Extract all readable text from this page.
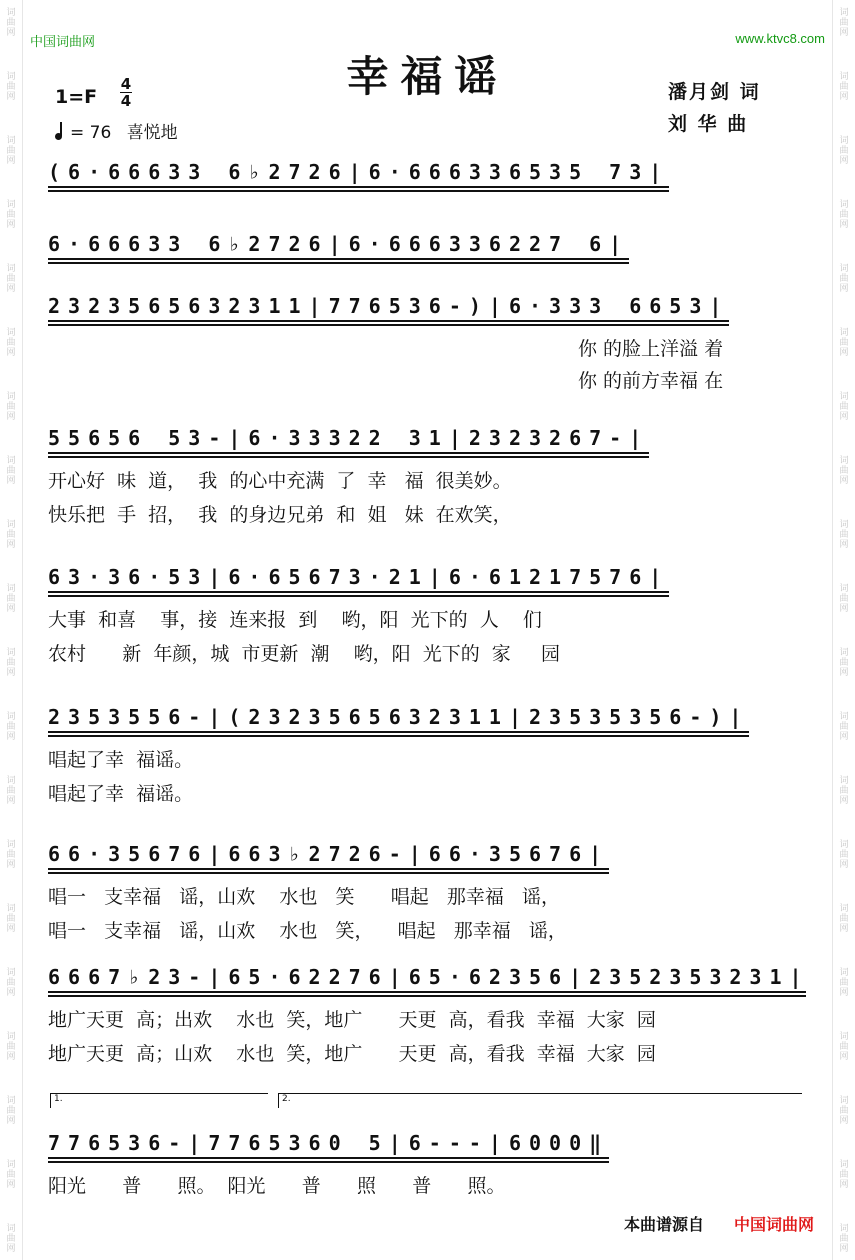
词
曲
网
词
曲
网
词
曲
网
词
曲
网
词
曲
网
词
曲
网
词
曲
网
词
曲
网
词
曲
网
词
曲
网
词
曲
网
词
曲
网
词
曲
网
词
曲
网
词
曲
网
词
曲
网
词
曲
网
词
曲
网
词
曲
网
词
曲
网
词
曲
网
词
曲
网
词
曲
网
词
曲
网
词
曲
网
词
曲
网
词
曲
网
词
曲
网
词
曲
网
词
曲
网
词
曲
网
词
曲
网
词
曲
网
词
曲
网
词
曲
网
词
曲
网
词
曲
网
词
曲
网
词
曲
网
词
曲
网
中国词曲网	www.ktvc8.com
幸福谣
1=F
4
4	潘月剑 词
刘 华 曲
= 76 喜悦地
(6·66633 6♭2726|6·666336535 73|
6·66633 6♭2726|6·666336227 6|
2323565632311|776536-)|6·333 6653|
你 的脸上洋溢 着
你 的前方幸福 在
55656 53-|6·33322 31|2323267-|
开心好  味  道，  我  的心中充满  了  幸   福  很美妙。
快乐把  手  招，  我  的身边兄弟  和  姐   妹  在欢笑，
63·36·53|6·65673·21|6·61217576|
大事  和喜    事，接  连来报  到    哟，阳  光下的  人    们
农村      新  年颜，城  市更新  潮    哟，阳  光下的  家     园
2353556-|(2323565632311|23535356-)|
唱起了幸  福谣。
唱起了幸  福谣。
66·35676|663♭2726-|66·35676|
唱一   支幸福   谣，山欢    水也   笑      唱起   那幸福   谣，
唱一   支幸福   谣，山欢    水也   笑，    唱起   那幸福   谣，
6667♭23-|65·62276|65·62356|2352353231|
地广天更  高；出欢    水也  笑，地广      天更  高，看我  幸福  大家  园
地广天更  高；山欢    水也  笑，地广      天更  高，看我  幸福  大家  园
1.	2.
776536-|7765360 5|6---|6000‖
阳光      普      照。  阳光      普      照      普      照。
本曲谱源自 中国词曲网
